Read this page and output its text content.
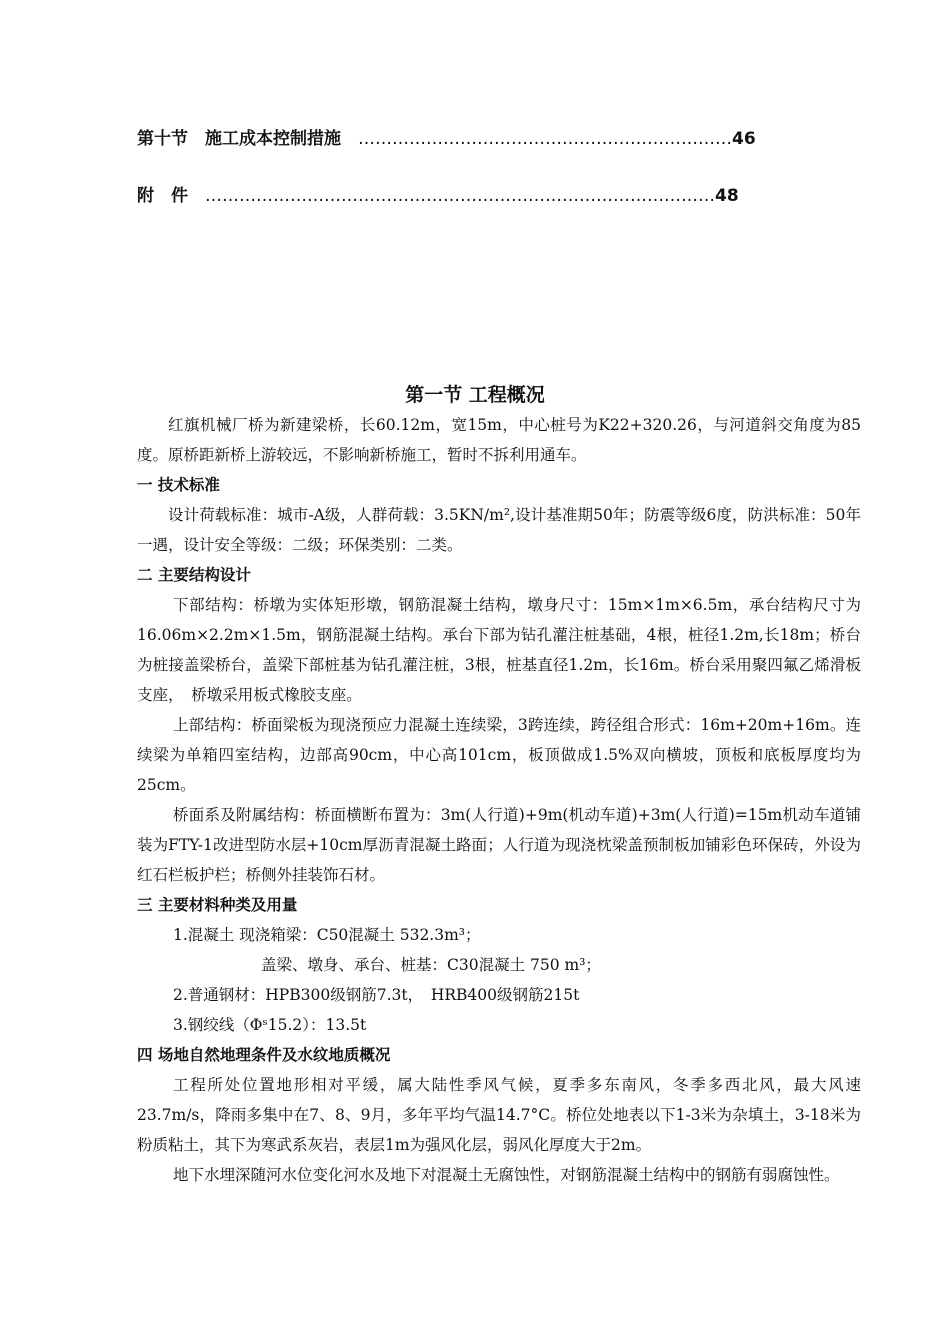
第十节　施工成本控制措施　…………………………………………………………46
附　件　………………………………………………………………………………48
第一节 工程概况

红旗机械厂桥为新建梁桥，长60.12m，宽15m，中心桩号为K22+320.26，与河道斜交角度为85度。原桥距新桥上游较远，不影响新桥施工，暂时不拆利用通车。

一 技术标准

设计荷载标准：城市-A级，人群荷载：3.5KN/m²,设计基准期50年；防震等级6度，防洪标准：50年一遇，设计安全等级：二级；环保类别：二类。

二 主要结构设计

下部结构：桥墩为实体矩形墩，钢筋混凝土结构，墩身尺寸：15m×1m×6.5m，承台结构尺寸为16.06m×2.2m×1.5m，钢筋混凝土结构。承台下部为钻孔灌注桩基础，4根，桩径1.2m,长18m；桥台为桩接盖梁桥台，盖梁下部桩基为钻孔灌注桩，3根，桩基直径1.2m，长16m。桥台采用聚四氟乙烯滑板支座，　桥墩采用板式橡胶支座。

上部结构：桥面梁板为现浇预应力混凝土连续梁，3跨连续，跨径组合形式：16m+20m+16m。连续梁为单箱四室结构，边部高90cm，中心高101cm，板顶做成1.5%双向横坡，顶板和底板厚度均为25cm。

桥面系及附属结构：桥面横断布置为：3m(人行道)+9m(机动车道)+3m(人行道)=15m机动车道铺装为FTY-1改进型防水层+10cm厚沥青混凝土路面；人行道为现浇枕梁盖预制板加铺彩色环保砖，外设为红石栏板护栏；桥侧外挂装饰石材。

三 主要材料种类及用量

1.混凝土 现浇箱梁：C50混凝土 532.3m³；

盖梁、墩身、承台、桩基：C30混凝土 750 m³；

2.普通钢材：HPB300级钢筋7.3t，　HRB400级钢筋215t

3.钢绞线（Φˢ15.2）：13.5t

四 场地自然地理条件及水纹地质概况

工程所处位置地形相对平缓，属大陆性季风气候，夏季多东南风，冬季多西北风，最大风速23.7m/s，降雨多集中在7、8、9月，多年平均气温14.7°C。桥位处地表以下1-3米为杂填土，3-18米为粉质粘土，其下为寒武系灰岩，表层1m为强风化层，弱风化厚度大于2m。

地下水埋深随河水位变化河水及地下对混凝土无腐蚀性，对钢筋混凝土结构中的钢筋有弱腐蚀性。
